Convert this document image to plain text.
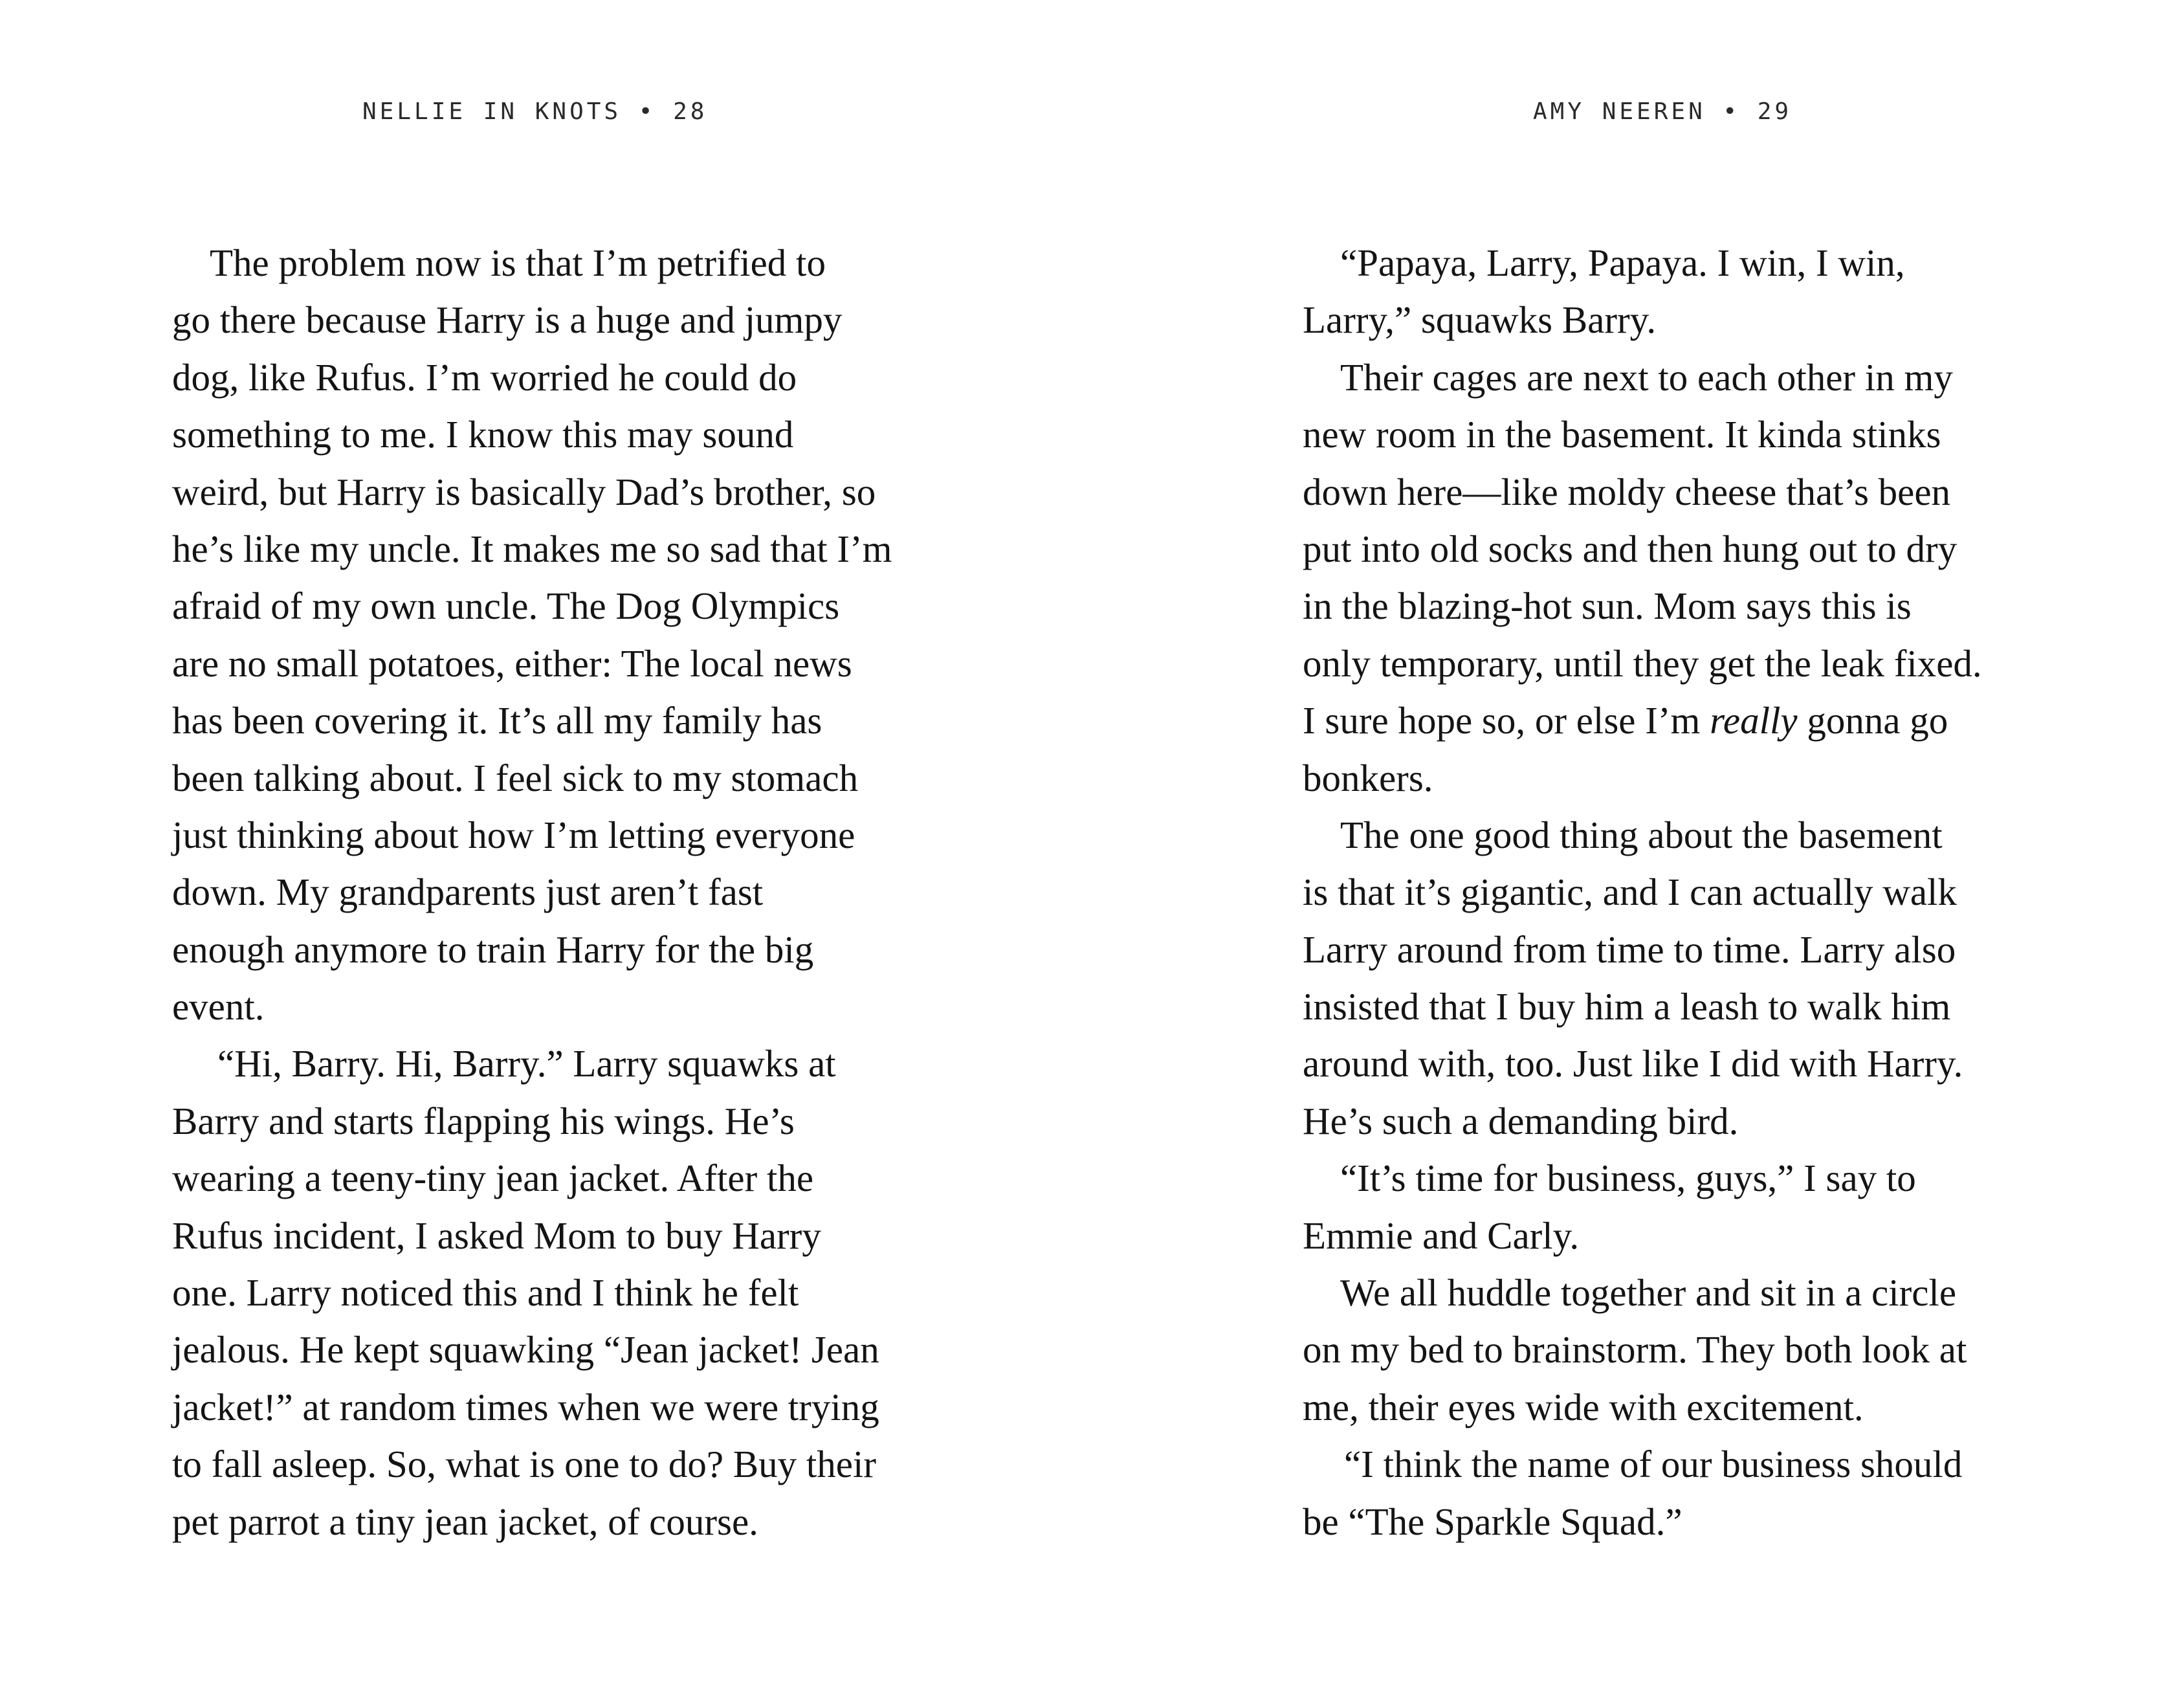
NELLIE IN KNOTS • 28
The problem now is that I’m petrified to
go there because Harry is a huge and jumpy
dog, like Rufus. I’m worried he could do
something to me. I know this may sound
weird, but Harry is basically Dad’s brother, so
he’s like my uncle. It makes me so sad that I’m
afraid of my own uncle. The Dog Olympics
are no small potatoes, either: The local news
has been covering it. It’s all my family has
been talking about. I feel sick to my stomach
just thinking about how I’m letting everyone
down. My grandparents just aren’t fast
enough anymore to train Harry for the big
event.
“Hi, Barry. Hi, Barry.” Larry squawks at
Barry and starts flapping his wings. He’s
wearing a teeny-tiny jean jacket. After the
Rufus incident, I asked Mom to buy Harry
one. Larry noticed this and I think he felt
jealous. He kept squawking “Jean jacket! Jean
jacket!” at random times when we were trying
to fall asleep. So, what is one to do? Buy their
pet parrot a tiny jean jacket, of course.
AMY NEEREN • 29
“Papaya, Larry, Papaya. I win, I win,
Larry,” squawks Barry.
Their cages are next to each other in my
new room in the basement. It kinda stinks
down here—like moldy cheese that’s been
put into old socks and then hung out to dry
in the blazing-hot sun. Mom says this is
only temporary, until they get the leak fixed.
I sure hope so, or else I’m really gonna go
bonkers.
The one good thing about the basement
is that it’s gigantic, and I can actually walk
Larry around from time to time. Larry also
insisted that I buy him a leash to walk him
around with, too. Just like I did with Harry.
He’s such a demanding bird.
“It’s time for business, guys,” I say to
Emmie and Carly.
We all huddle together and sit in a circle
on my bed to brainstorm. They both look at
me, their eyes wide with excitement.
“I think the name of our business should
be “The Sparkle Squad.”
